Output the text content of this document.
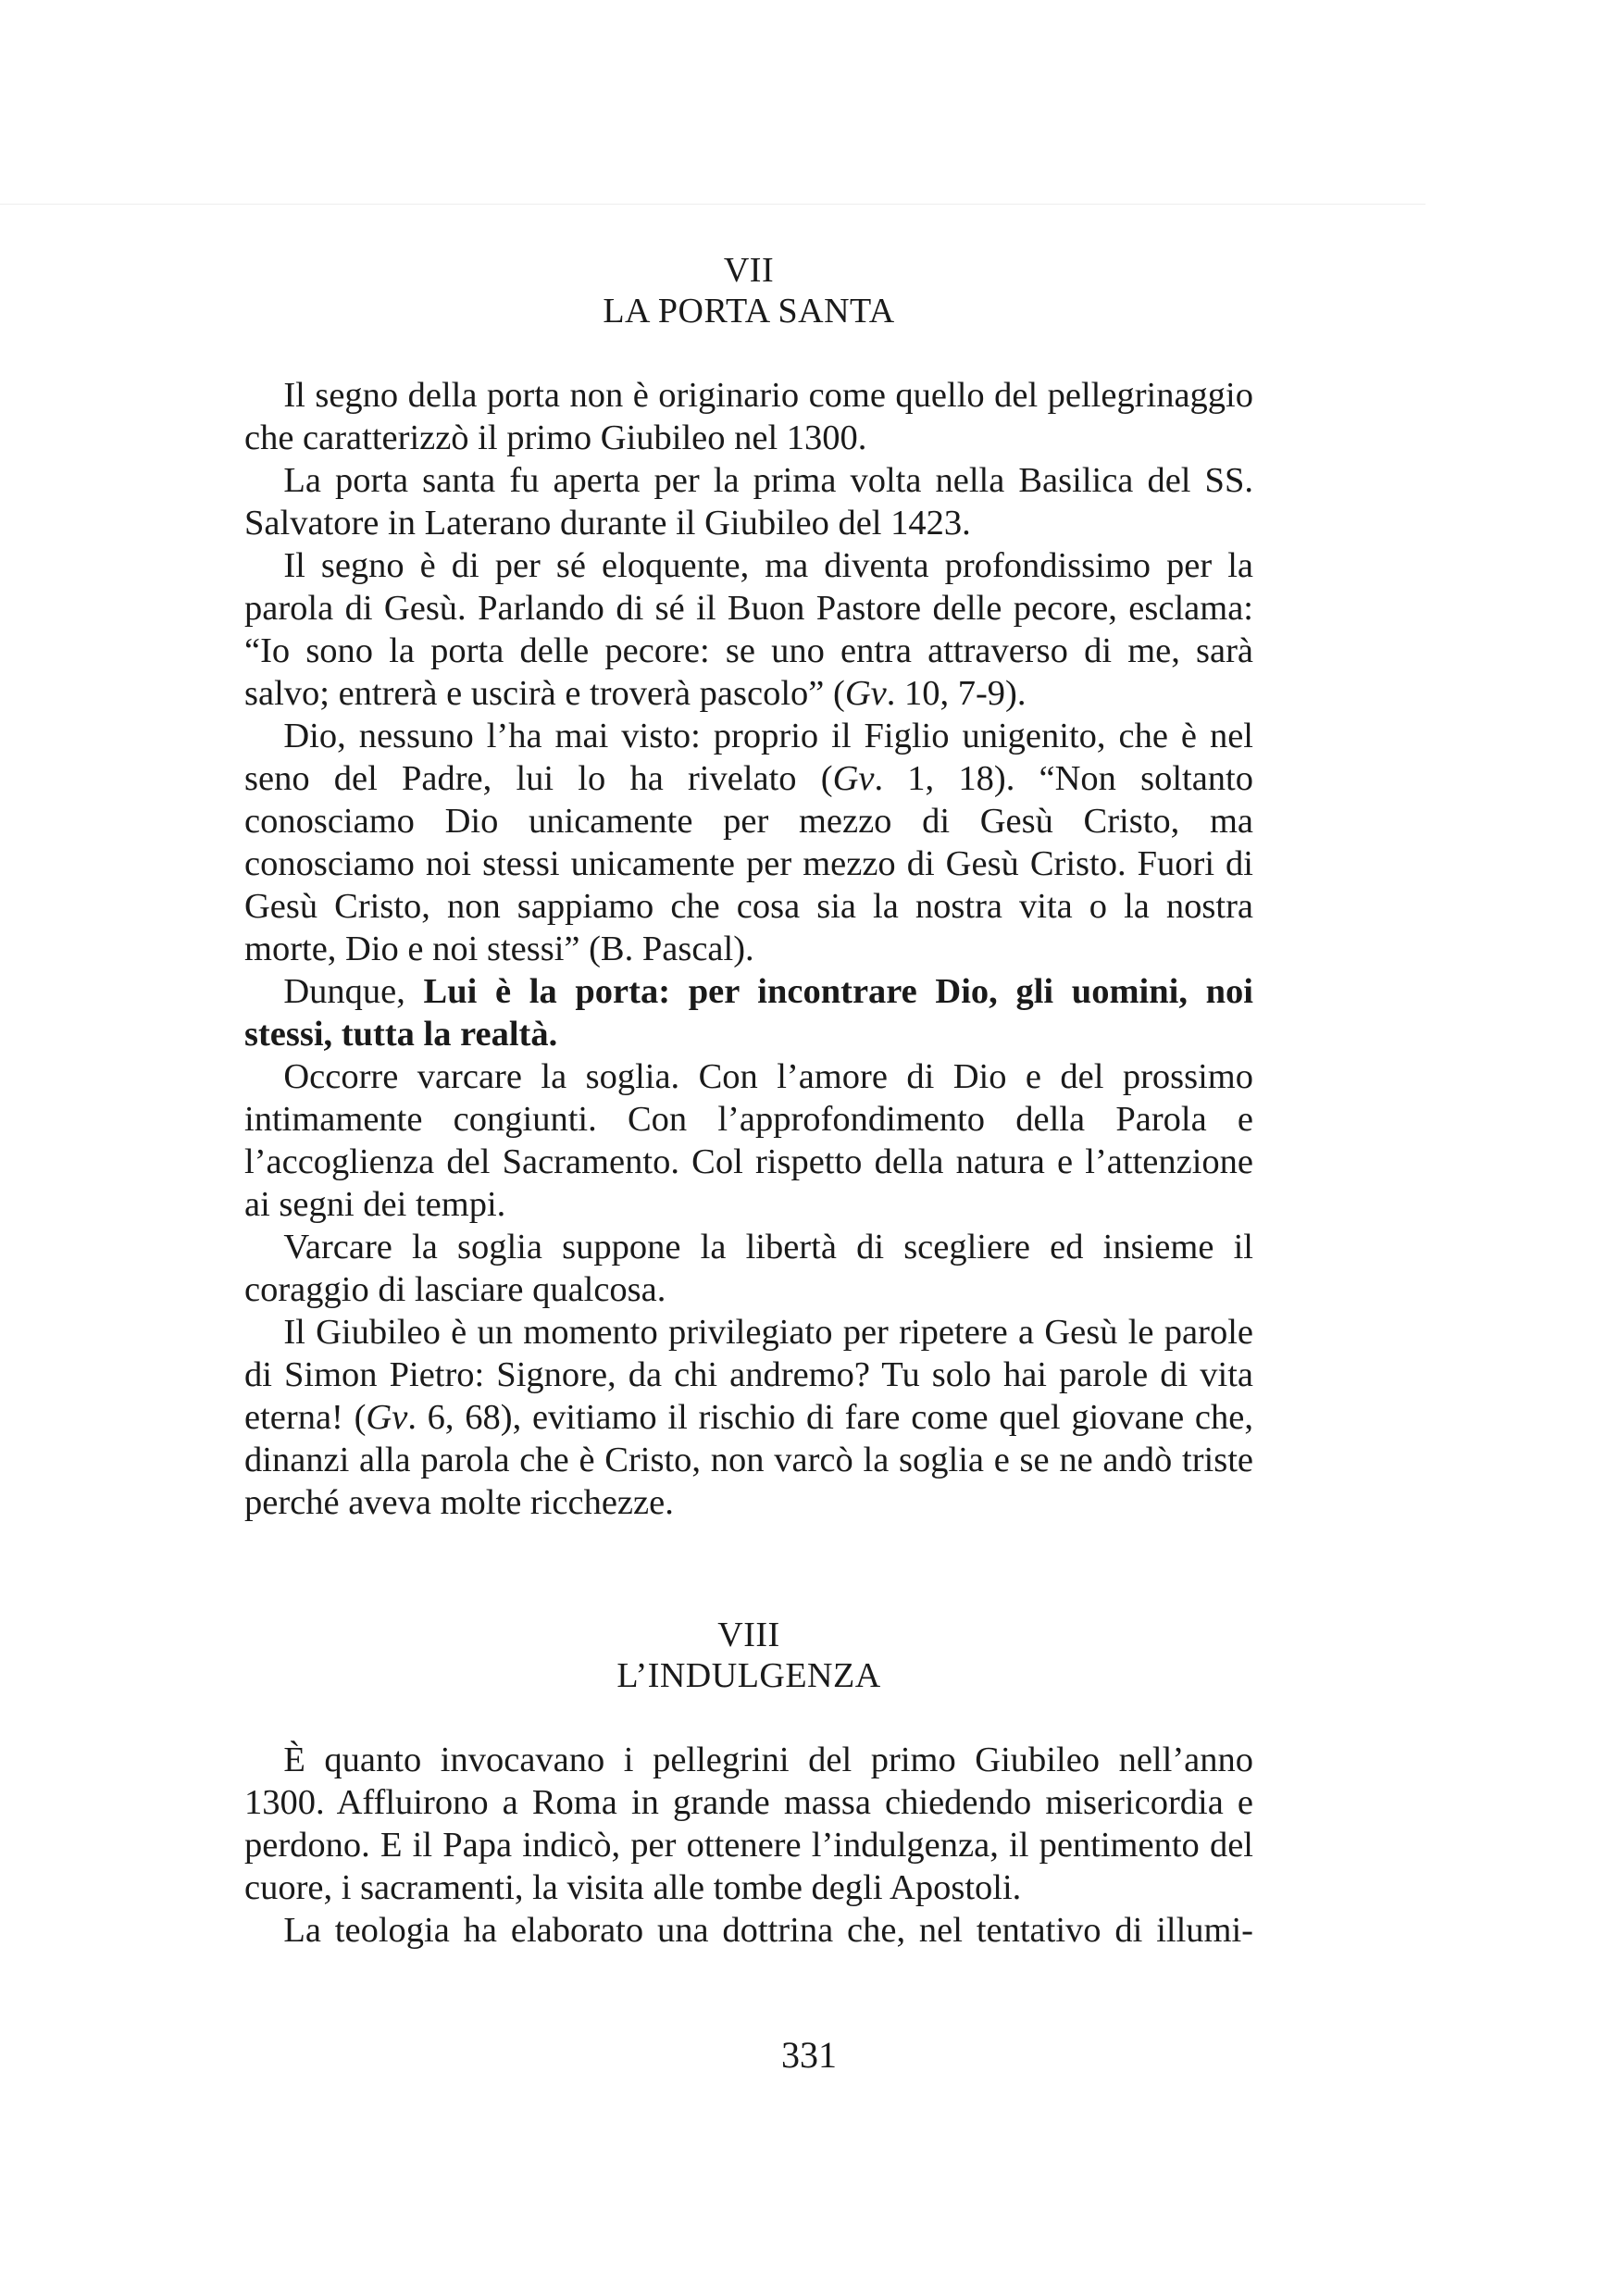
VII
LA PORTA SANTA

Il segno della porta non è originario come quello del pellegrinaggio che caratterizzò il primo Giubileo nel 1300.

La porta santa fu aperta per la prima volta nella Basilica del SS. Salvatore in Laterano durante il Giubileo del 1423.

Il segno è di per sé eloquente, ma diventa profondissimo per la parola di Gesù. Parlando di sé il Buon Pastore delle pecore, esclama: “Io sono la porta delle pecore: se uno entra attraverso di me, sarà salvo; entrerà e uscirà e troverà pascolo” (Gv. 10, 7-9).

Dio, nessuno l’ha mai visto: proprio il Figlio unigenito, che è nel seno del Padre, lui lo ha rivelato (Gv. 1, 18). “Non soltanto conosciamo Dio unicamente per mezzo di Gesù Cristo, ma conosciamo noi stessi unicamente per mezzo di Gesù Cristo. Fuori di Gesù Cristo, non sappiamo che cosa sia la nostra vita o la nostra morte, Dio e noi stessi” (B. Pascal).

Dunque, Lui è la porta: per incontrare Dio, gli uomini, noi stessi, tutta la realtà.

Occorre varcare la soglia. Con l’amore di Dio e del prossimo intimamente congiunti. Con l’approfondimento della Parola e l’accoglienza del Sacramento. Col rispetto della natura e l’attenzione ai segni dei tempi.

Varcare la soglia suppone la libertà di scegliere ed insieme il coraggio di lasciare qualcosa.

Il Giubileo è un momento privilegiato per ripetere a Gesù le parole di Simon Pietro: Signore, da chi andremo? Tu solo hai parole di vita eterna! (Gv. 6, 68), evitiamo il rischio di fare come quel giovane che, dinanzi alla parola che è Cristo, non varcò la soglia e se ne andò triste perché aveva molte ricchezze.

VIII
L’INDULGENZA

È quanto invocavano i pellegrini del primo Giubileo nell’anno 1300. Affluirono a Roma in grande massa chiedendo misericordia e perdono. E il Papa indicò, per ottenere l’indulgenza, il pentimento del cuore, i sacramenti, la visita alle tombe degli Apostoli.

La teologia ha elaborato una dottrina che, nel tentativo di illumi-

331
